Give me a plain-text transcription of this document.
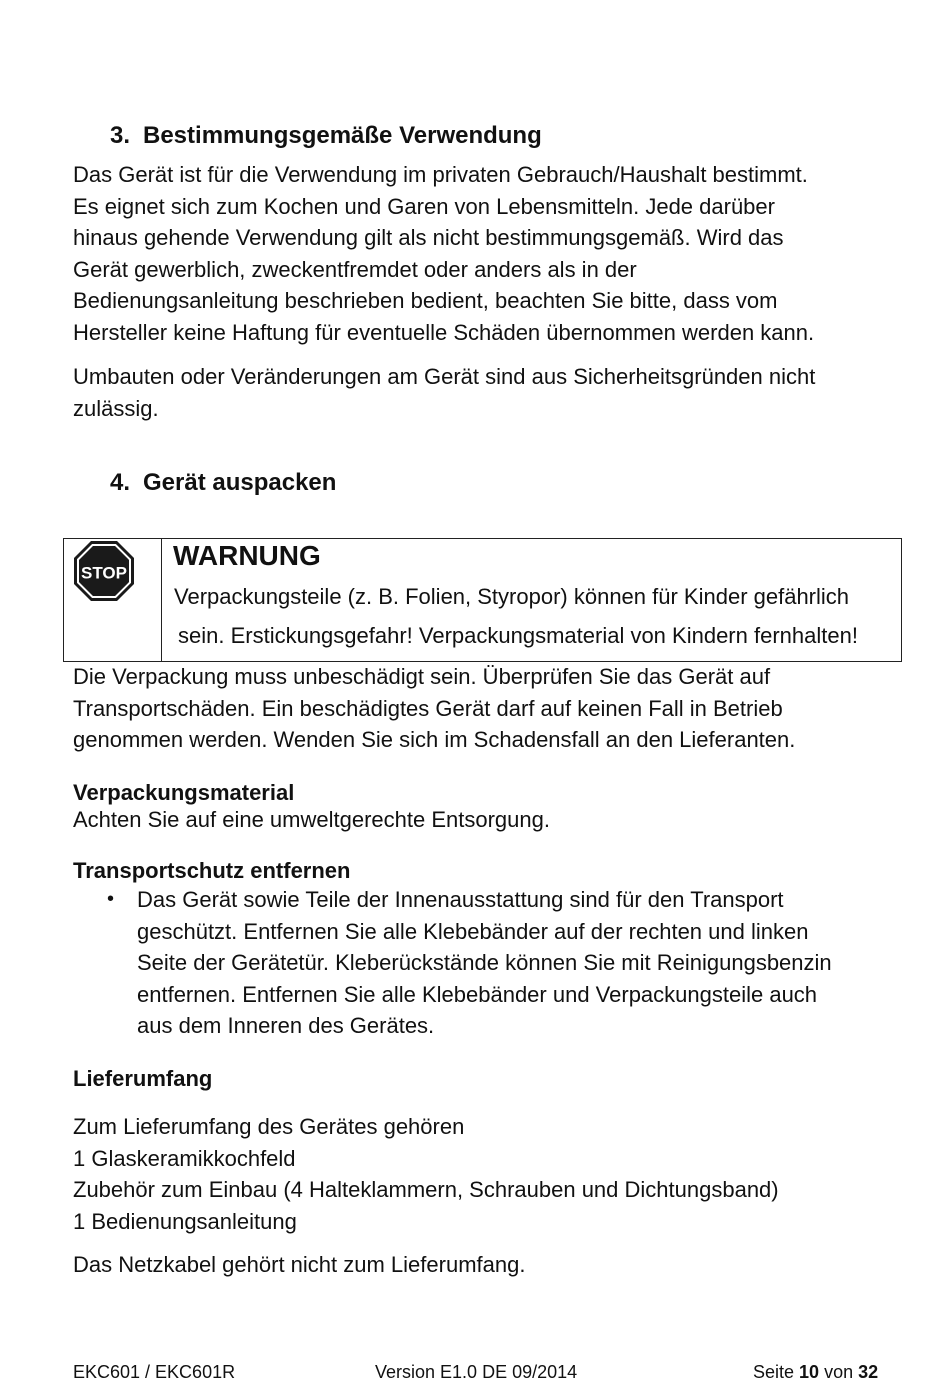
3. Bestimmungsgemäße Verwendung
Das Gerät ist für die Verwendung im privaten Gebrauch/Haushalt bestimmt.
Es eignet sich zum Kochen und Garen von Lebensmitteln. Jede darüber
hinaus gehende Verwendung gilt als nicht bestimmungsgemäß. Wird das
Gerät gewerblich, zweckentfremdet oder anders als in der
Bedienungsanleitung beschrieben bedient, beachten Sie bitte, dass vom
Hersteller keine Haftung für eventuelle Schäden übernommen werden kann.
Umbauten oder Veränderungen am Gerät sind aus Sicherheitsgründen nicht
zulässig.
4. Gerät auspacken
STOP
WARNUNG
Verpackungsteile (z. B. Folien, Styropor) können für Kinder gefährlich
sein. Erstickungsgefahr! Verpackungsmaterial von Kindern fernhalten!
Die Verpackung muss unbeschädigt sein. Überprüfen Sie das Gerät auf
Transportschäden. Ein beschädigtes Gerät darf auf keinen Fall in Betrieb
genommen werden. Wenden Sie sich im Schadensfall an den Lieferanten.
Verpackungsmaterial
Achten Sie auf eine umweltgerechte Entsorgung.
Transportschutz entfernen
• Das Gerät sowie Teile der Innenausstattung sind für den Transport
geschützt. Entfernen Sie alle Klebebänder auf der rechten und linken
Seite der Gerätetür. Kleberückstände können Sie mit Reinigungsbenzin
entfernen. Entfernen Sie alle Klebebänder und Verpackungsteile auch
aus dem Inneren des Gerätes.
Lieferumfang
Zum Lieferumfang des Gerätes gehören
1 Glaskeramikkochfeld
Zubehör zum Einbau (4 Halteklammern, Schrauben und Dichtungsband)
1 Bedienungsanleitung
Das Netzkabel gehört nicht zum Lieferumfang.
EKC601 / EKC601R	Version E1.0 DE 09/2014	Seite 10 von 32
